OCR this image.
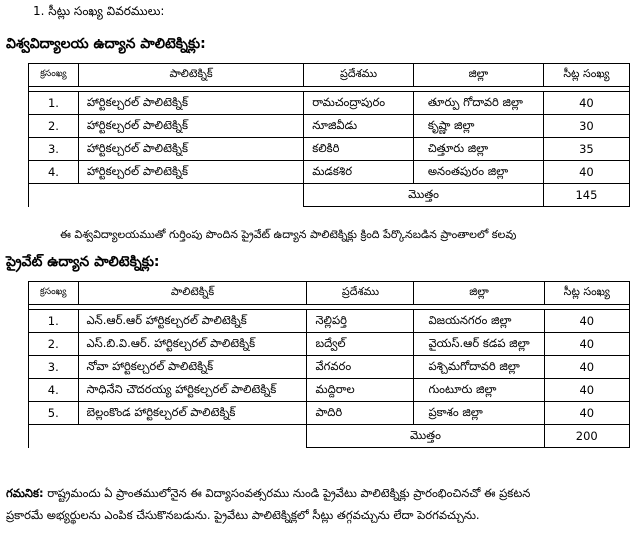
1. సీట్లు సంఖ్య వివరములు:
విశ్వవిద్యాలయ ఉద్యాన పాలిటెక్నిక్లు:
క్రసంఖ్య	పాలిటెక్నిక్	ప్రదేశము	జిల్లా	సీట్ల సంఖ్య

1.	హార్టికల్చరల్ పాలిటెక్నిక్	రామచంద్రాపురం	తూర్పు గోదావరి జిల్లా	40
2.	హార్టికల్చరల్ పాలిటెక్నిక్	నూజివీడు	కృష్ణా జిల్లా	30
3.	హార్టికల్చరల్ పాలిటెక్నిక్	కలికిరి	చిత్తూరు జిల్లా	35
4.	హార్టికల్చరల్ పాలిటెక్నిక్	మడకశిర	అనంతపురం జిల్లా	40
		మొత్తం		145
ఈ విశ్వవిద్యాలయముతో గుర్తింపు పొందిన ప్రైవేట్ ఉద్యాన పాలిటెక్నిక్లు క్రింది పేర్కొనబడిన ప్రాంతాలలో కలవు
ప్రైవేట్ ఉద్యాన పాలిటెక్నిక్లు:
క్రసంఖ్య	పాలిటెక్నిక్	ప్రదేశము	జిల్లా	సీట్ల సంఖ్య

1.	ఎన్.ఆర్.ఆర్ హార్టికల్చరల్ పాలిటెక్నిక్	నెల్లిపర్తి	విజయనగరం జిల్లా	40
2.	ఎస్.బి.వి.ఆర్. హార్టికల్చరల్ పాలిటెక్నిక్	బద్వేల్	వైయస్.ఆర్ కడప జిల్లా	40
3.	నోవా హార్టికల్చరల్ పాలిటెక్నిక్	వేగవరం	పశ్చిమగోదావరి జిల్లా	40
4.	సాధినేని చౌదరయ్య హార్టికల్చరల్ పాలిటెక్నిక్	మద్దిరాల	గుంటూరు జిల్లా	40
5.	బెల్లంకొండ హార్టికల్చరల్ పాలిటెక్నిక్	పాదిరి	ప్రకాశం జిల్లా	40
		మొత్తం		200
గమనిక: రాష్ట్రమందు ఏ ప్రాంతములోనైన ఈ విద్యాసంవత్సరము నుండి ప్రైవేటు పాలిటెక్నిక్లు ప్రారంభించినచో ఈ ప్రకటన
ప్రకారమే అభ్యర్థులను ఎంపిక చేసుకొనబడును. ప్రైవేటు పాలిటెక్నిక్లలో సీట్లు తగ్గవచ్చును లేదా పెరగవచ్చును.
